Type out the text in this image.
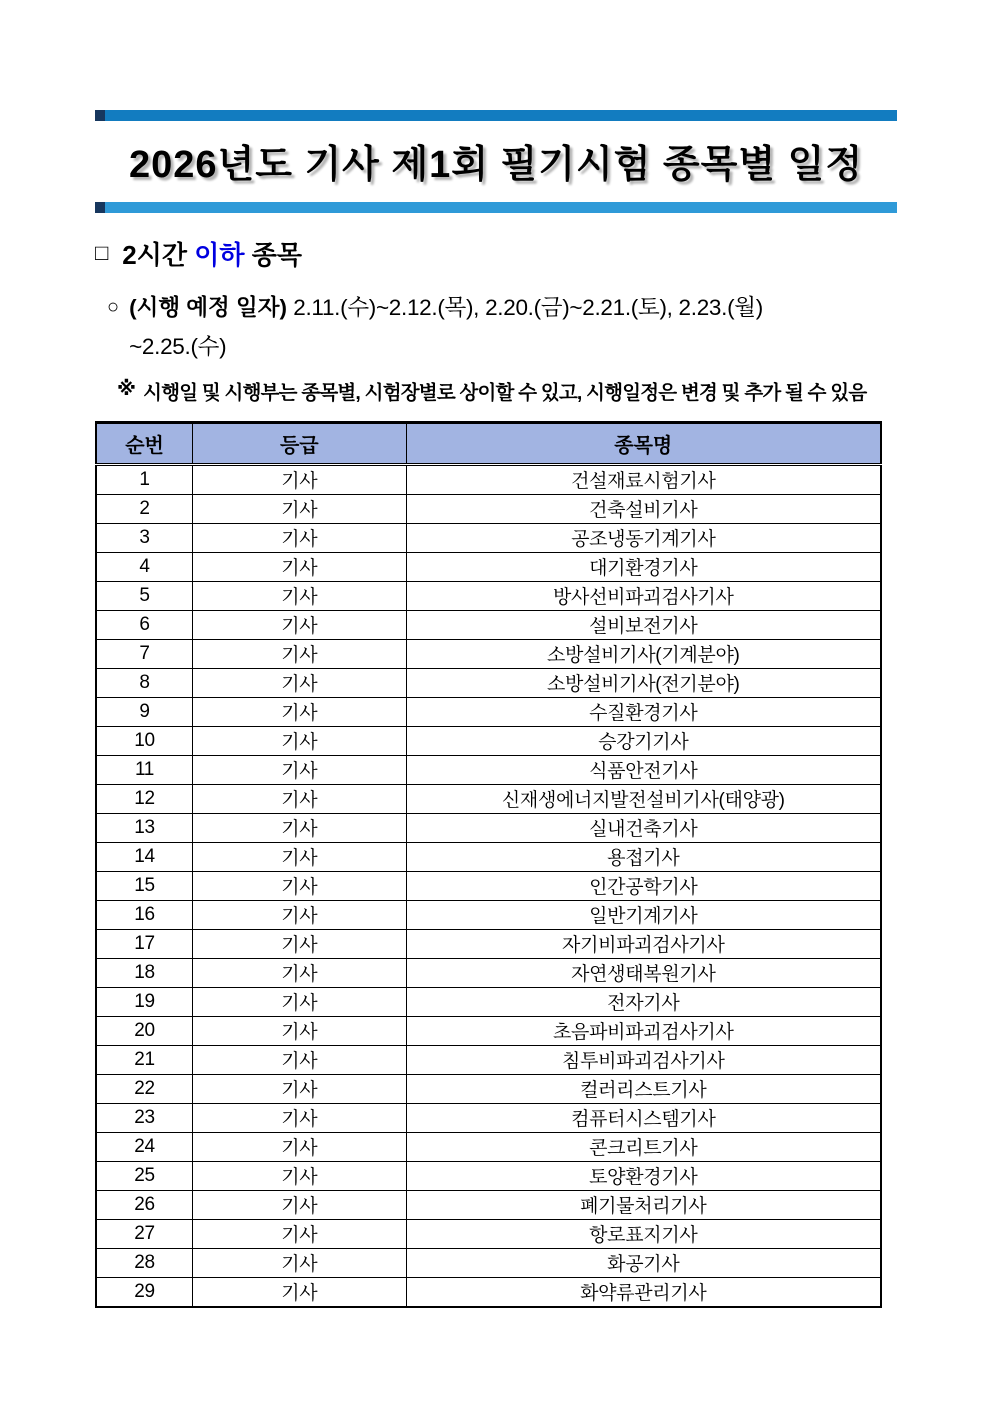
2026년도 기사 제1회 필기시험 종목별 일정
□ 2시간 이하 종목
○ (시행 예정 일자) 2.11.(수)~2.12.(목), 2.20.(금)~2.21.(토), 2.23.(월)
~2.25.(수)
※ 시행일 및 시행부는 종목별, 시험장별로 상이할 수 있고, 시행일정은 변경 및 추가 될 수 있음
순번	등급	종목명
1	기사	건설재료시험기사
2	기사	건축설비기사
3	기사	공조냉동기계기사
4	기사	대기환경기사
5	기사	방사선비파괴검사기사
6	기사	설비보전기사
7	기사	소방설비기사(기계분야)
8	기사	소방설비기사(전기분야)
9	기사	수질환경기사
10	기사	승강기기사
11	기사	식품안전기사
12	기사	신재생에너지발전설비기사(태양광)
13	기사	실내건축기사
14	기사	용접기사
15	기사	인간공학기사
16	기사	일반기계기사
17	기사	자기비파괴검사기사
18	기사	자연생태복원기사
19	기사	전자기사
20	기사	초음파비파괴검사기사
21	기사	침투비파괴검사기사
22	기사	컬러리스트기사
23	기사	컴퓨터시스템기사
24	기사	콘크리트기사
25	기사	토양환경기사
26	기사	폐기물처리기사
27	기사	항로표지기사
28	기사	화공기사
29	기사	화약류관리기사
